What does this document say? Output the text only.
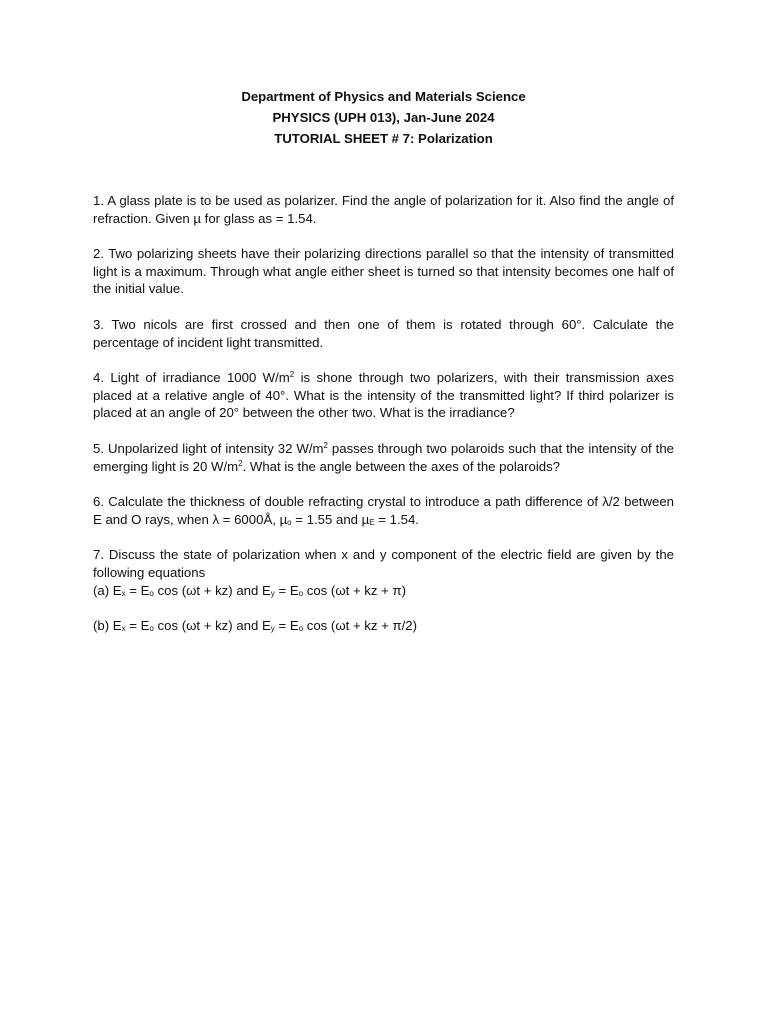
Department of Physics and Materials Science
PHYSICS (UPH 013), Jan-June 2024
TUTORIAL SHEET # 7: Polarization

1. A glass plate is to be used as polarizer. Find the angle of polarization for it. Also find the angle of refraction. Given µ for glass as = 1.54.

2. Two polarizing sheets have their polarizing directions parallel so that the intensity of transmitted light is a maximum. Through what angle either sheet is turned so that intensity becomes one half of the initial value.

3. Two nicols are first crossed and then one of them is rotated through 60°. Calculate the percentage of incident light transmitted.

4. Light of irradiance 1000 $W/m^2$ is shone through two polarizers, with their transmission axes placed at a relative angle of 40°. What is the intensity of the transmitted light? If third polarizer is placed at an angle of 20° between the other two. What is the irradiance?

5. Unpolarized light of intensity 32 $W/m^2$ passes through two polaroids such that the intensity of the emerging light is 20 $W/m^2$. What is the angle between the axes of the polaroids?

6. Calculate the thickness of double refracting crystal to introduce a path difference of λ/2 between E and O rays, when λ = 6000Å, µ$_o$ = 1.55 and µ$_E$ = 1.54.

7. Discuss the state of polarization when x and y component of the electric field are given by the following equations

(a) $E_x = E_o$ cos (ωt + kz) and $E_y = E_o$ cos (ωt + kz + π)

(b) $E_x = E_o$ cos (ωt + kz) and $E_y = E_o$ cos (ωt + kz + π/2)
